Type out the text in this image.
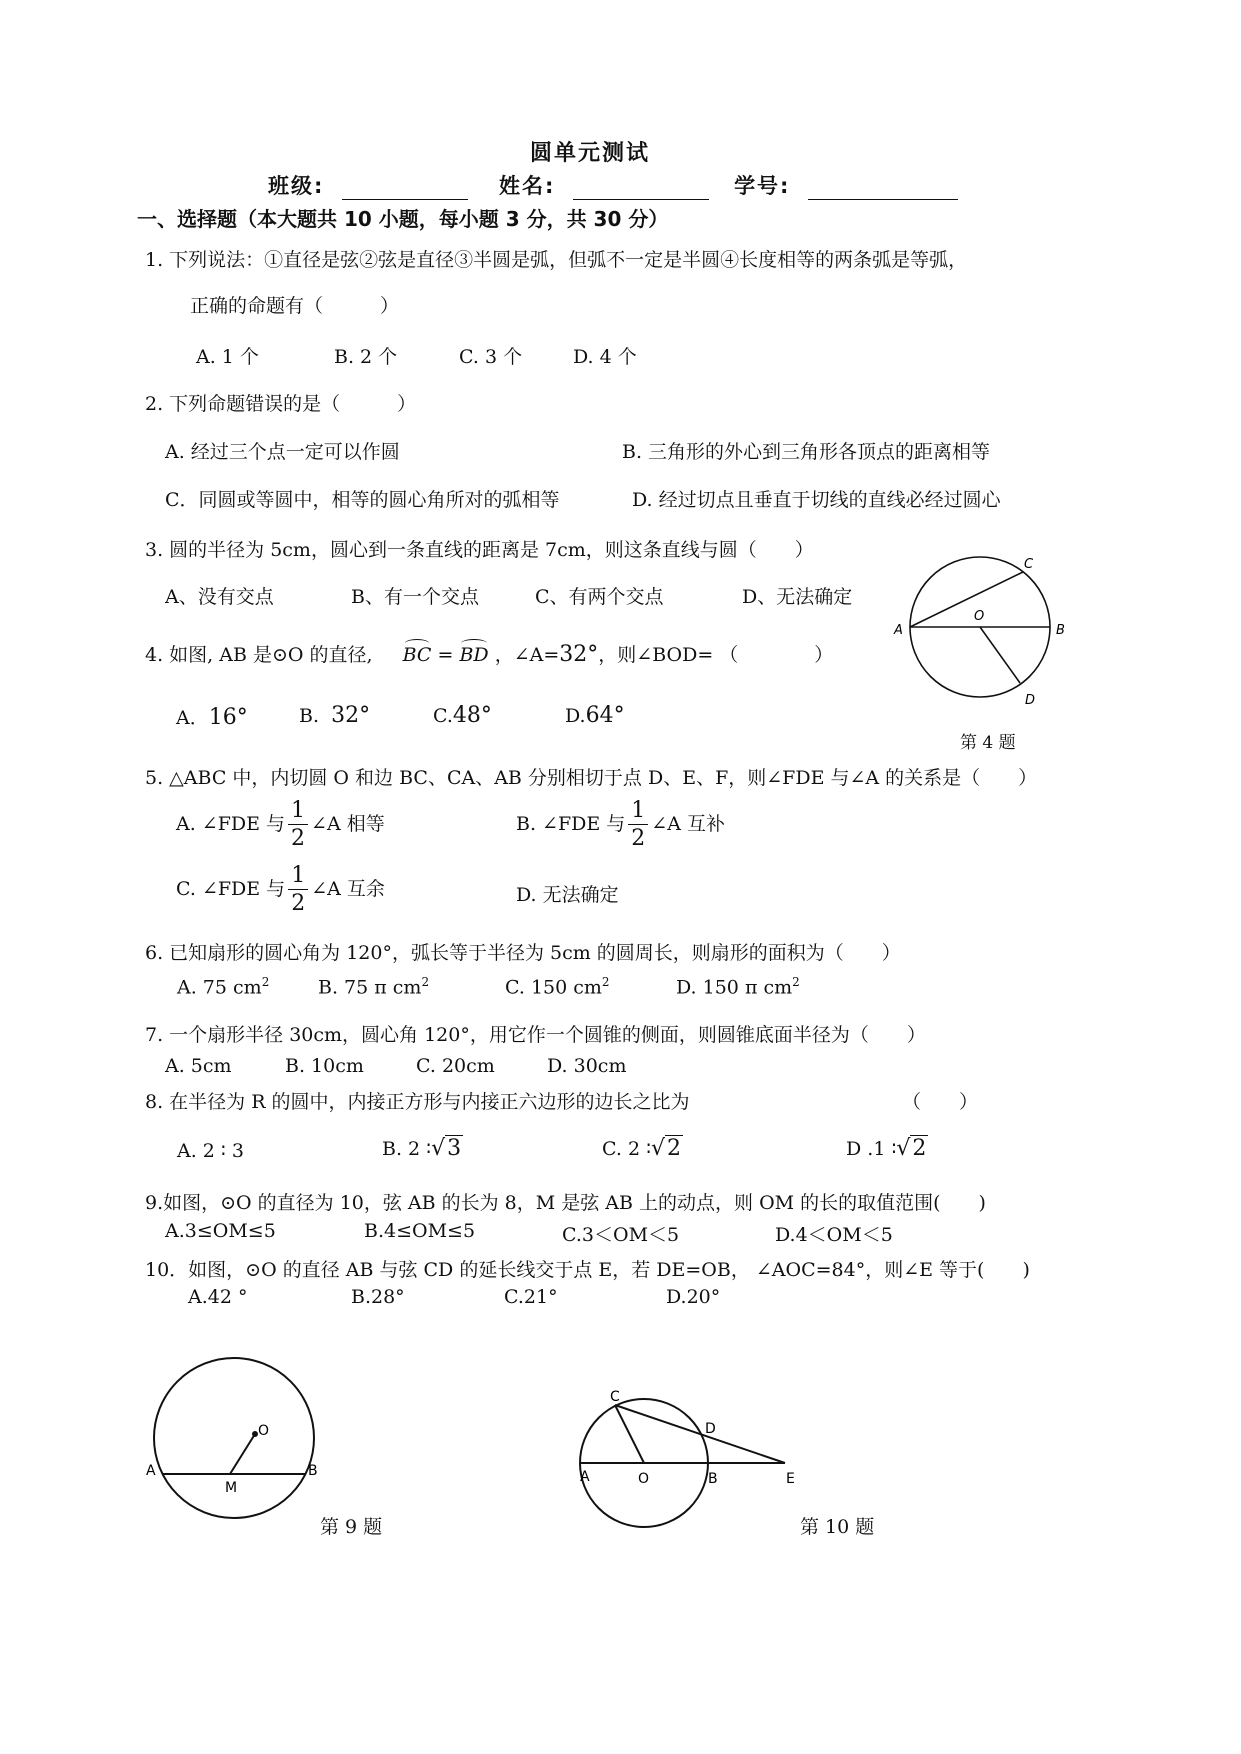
圆单元测试
班级:	姓名:	学号:
一、选择题（本大题共 10 小题，每小题 3 分，共 30 分）
1. 下列说法：①直径是弦②弦是直径③半圆是弧，但弧不一定是半圆④长度相等的两条弧是等弧，
正确的命题有（　　　）
A. 1 个	B. 2 个	C. 3 个	D. 4 个
2. 下列命题错误的是（　　　）
A. 经过三个点一定可以作圆	B. 三角形的外心到三角形各顶点的距离相等
C．同圆或等圆中，相等的圆心角所对的弧相等	D. 经过切点且垂直于切线的直线必经过圆心
3. 圆的半径为 5cm，圆心到一条直线的距离是 7cm，则这条直线与圆（　　）
A、没有交点	B、有一个交点	C、有两个交点	D、无法确定
4. 如图, AB 是⊙O 的直径, BC = BD ，∠A=32°，则∠BOD= （　　　　）
A．16°	B. 32°	C.48°	D.64°
A	B
C
D
O
第 4 题
5. △ABC 中，内切圆 O 和边 BC、CA、AB 分别相切于点 D、E、F，则∠FDE 与∠A 的关系是（　　）
A. ∠FDE 与 $\frac{1}{2}$ ∠A 相等	B. ∠FDE 与 $\frac{1}{2}$ ∠A 互补
C. ∠FDE 与 $\frac{1}{2}$ ∠A 互余	D. 无法确定
6. 已知扇形的圆心角为 120°，弧长等于半径为 5cm 的圆周长，则扇形的面积为（　　）
A. 75 $cm^2$	B. 75 π $cm^2$	C. 150 $cm^2$	D. 150 π $cm^2$
7. 一个扇形半径 30cm，圆心角 120°，用它作一个圆锥的侧面，则圆锥底面半径为（　　）
A. 5cm	B. 10cm	C. 20cm	D. 30cm
8. 在半径为 R 的圆中，内接正方形与内接正六边形的边长之比为	（　　）
A. 2 ∶ 3	B. 2 ∶√3	C. 2 ∶√2	D .1 ∶√2
9.如图，⊙O 的直径为 10，弦 AB 的长为 8，M 是弦 AB 上的动点，则 OM 的长的取值范围(　　)
A.3≤OM≤5	B.4≤OM≤5	C.3＜OM＜5	D.4＜OM＜5
10．如图，⊙O 的直径 AB 与弦 CD 的延长线交于点 E，若 DE=OB， ∠AOC=84°，则∠E 等于(　　)
A.42 °	B.28°	C.21°	D.20°
O
A	B
M
第 9 题
C
D
A	O	B	E
第 10 题
